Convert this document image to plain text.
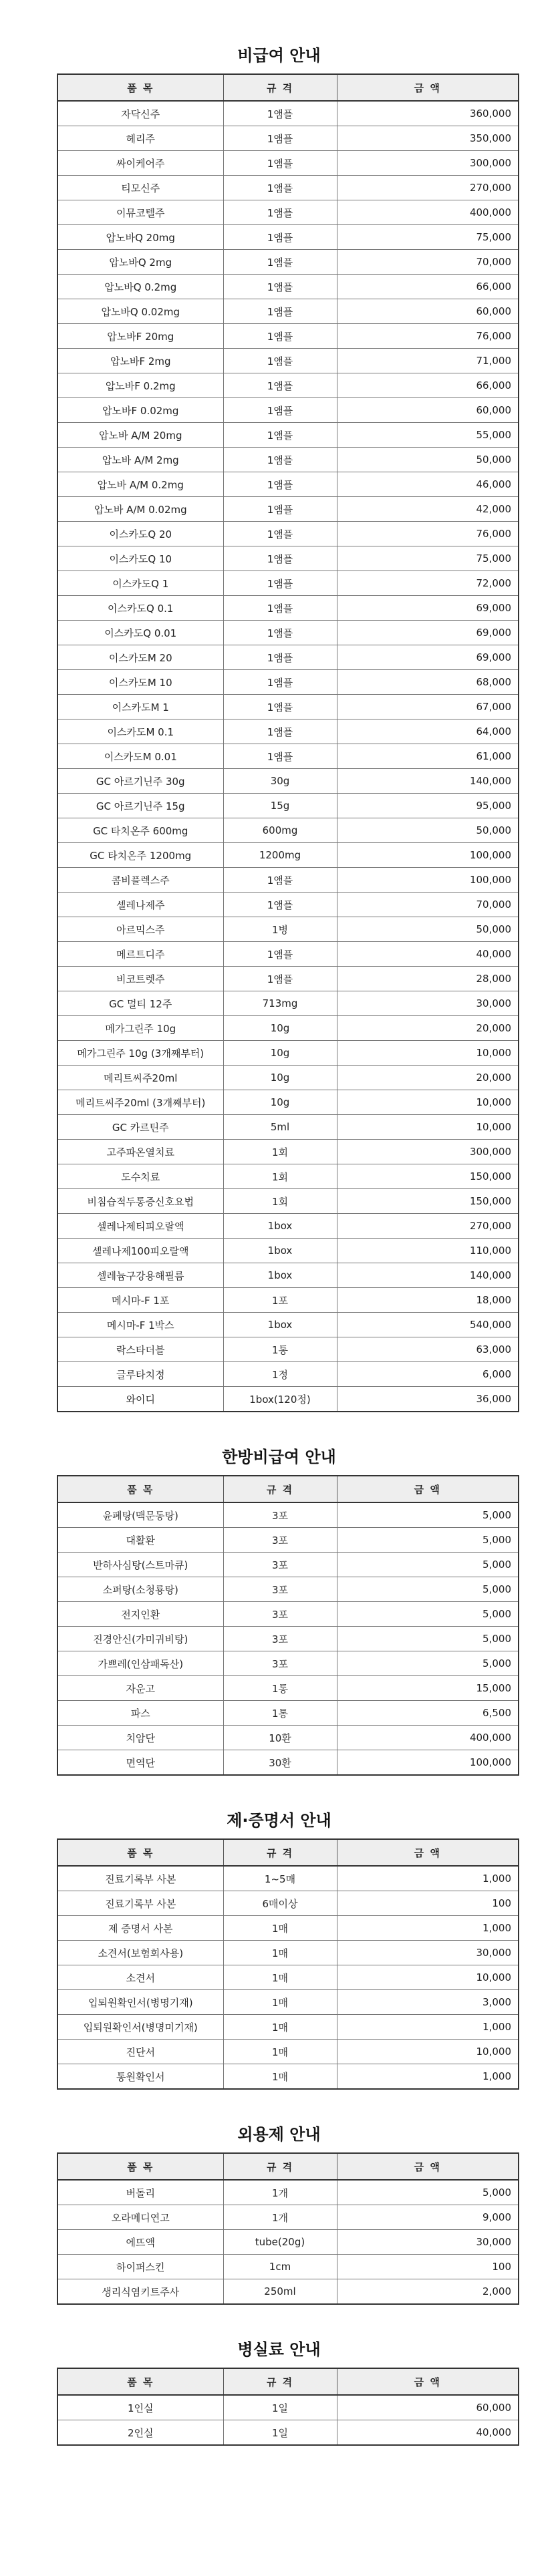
비급여 안내
품 목	규 격	금 액
자닥신주	1앰플	360,000
헤리주	1앰플	350,000
싸이케어주	1앰플	300,000
티모신주	1앰플	270,000
이뮤코텔주	1앰플	400,000
압노바Q 20mg	1앰플	75,000
압노바Q 2mg	1앰플	70,000
압노바Q 0.2mg	1앰플	66,000
압노바Q 0.02mg	1앰플	60,000
압노바F 20mg	1앰플	76,000
압노바F 2mg	1앰플	71,000
압노바F 0.2mg	1앰플	66,000
압노바F 0.02mg	1앰플	60,000
압노바 A/M 20mg	1앰플	55,000
압노바 A/M 2mg	1앰플	50,000
압노바 A/M 0.2mg	1앰플	46,000
압노바 A/M 0.02mg	1앰플	42,000
이스카도Q 20	1앰플	76,000
이스카도Q 10	1앰플	75,000
이스카도Q 1	1앰플	72,000
이스카도Q 0.1	1앰플	69,000
이스카도Q 0.01	1앰플	69,000
이스카도M 20	1앰플	69,000
이스카도M 10	1앰플	68,000
이스카도M 1	1앰플	67,000
이스카도M 0.1	1앰플	64,000
이스카도M 0.01	1앰플	61,000
GC 아르기닌주 30g	30g	140,000
GC 아르기닌주 15g	15g	95,000
GC 타치온주 600mg	600mg	50,000
GC 타치온주 1200mg	1200mg	100,000
콤비플렉스주	1앰플	100,000
셀레나제주	1앰플	70,000
아르믹스주	1병	50,000
메르트디주	1앰플	40,000
비코트렛주	1앰플	28,000
GC 멀티 12주	713mg	30,000
메가그린주 10g	10g	20,000
메가그린주 10g (3개째부터)	10g	10,000
메리트씨주20ml	10g	20,000
메리트씨주20ml (3개째부터)	10g	10,000
GC 카르틴주	5ml	10,000
고주파온열치료	1회	300,000
도수치료	1회	150,000
비침습적두통증신호요법	1회	150,000
셀레나제티피오랄액	1box	270,000
셀레나제100피오랄액	1box	110,000
셀레늄구강용해필름	1box	140,000
메시마-F 1포	1포	18,000
메시마-F 1박스	1box	540,000
락스타더블	1통	63,000
글루타치정	1정	6,000
와이디	1box(120정)	36,000
한방비급여 안내
품 목	규 격	금 액
윤폐탕(맥문동탕)	3포	5,000
대활환	3포	5,000
반하사심탕(스트마큐)	3포	5,000
소퍼탕(소청룡탕)	3포	5,000
전지인환	3포	5,000
진경안신(가미귀비탕)	3포	5,000
가쁘레(인삼패독산)	3포	5,000
자운고	1통	15,000
파스	1통	6,500
치암단	10환	400,000
면역단	30환	100,000
제·증명서 안내
품 목	규 격	금 액
진료기록부 사본	1~5매	1,000
진료기록부 사본	6매이상	100
제 증명서 사본	1매	1,000
소견서(보험회사용)	1매	30,000
소견서	1매	10,000
입퇴원확인서(병명기재)	1매	3,000
입퇴원확인서(병명미기재)	1매	1,000
진단서	1매	10,000
통원확인서	1매	1,000
외용제 안내
품 목	규 격	금 액
버돌리	1개	5,000
오라메디연고	1개	9,000
에뜨액	tube(20g)	30,000
하이퍼스킨	1cm	100
생리식염키트주사	250ml	2,000
병실료 안내
품 목	규 격	금 액
1인실	1일	60,000
2인실	1일	40,000
